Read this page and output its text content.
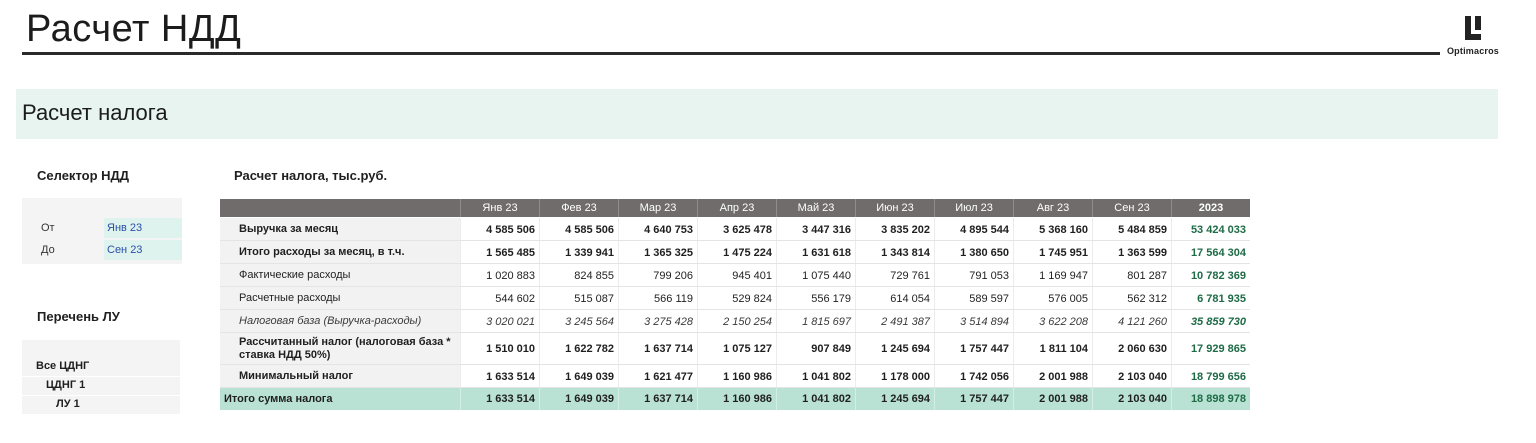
Расчет НДД
Optimacros
Расчет налога
Селектор НДД
От	Янв 23
До	Сен 23
Перечень ЛУ
Все ЦДНГ
ЦДНГ 1
ЛУ 1
Расчет налога, тыс.руб.
Янв 23	Фев 23	Мар 23	Апр 23	Май 23	Июн 23	Июл 23	Авг 23	Сен 23	2023
Выручка за месяц	4 585 506	4 585 506	4 640 753	3 625 478	3 447 316	3 835 202	4 895 544	5 368 160	5 484 859	53 424 033
Итого расходы за месяц, в т.ч.	1 565 485	1 339 941	1 365 325	1 475 224	1 631 618	1 343 814	1 380 650	1 745 951	1 363 599	17 564 304
Фактические расходы	1 020 883	824 855	799 206	945 401	1 075 440	729 761	791 053	1 169 947	801 287	10 782 369
Расчетные расходы	544 602	515 087	566 119	529 824	556 179	614 054	589 597	576 005	562 312	6 781 935
Налоговая база (Выручка-расходы)	3 020 021	3 245 564	3 275 428	2 150 254	1 815 697	2 491 387	3 514 894	3 622 208	4 121 260	35 859 730
Рассчитанный налог (налоговая база * ставка НДД 50%)	1 510 010	1 622 782	1 637 714	1 075 127	907 849	1 245 694	1 757 447	1 811 104	2 060 630	17 929 865
Минимальный налог	1 633 514	1 649 039	1 621 477	1 160 986	1 041 802	1 178 000	1 742 056	2 001 988	2 103 040	18 799 656
Итого сумма налога	1 633 514	1 649 039	1 637 714	1 160 986	1 041 802	1 245 694	1 757 447	2 001 988	2 103 040	18 898 978
